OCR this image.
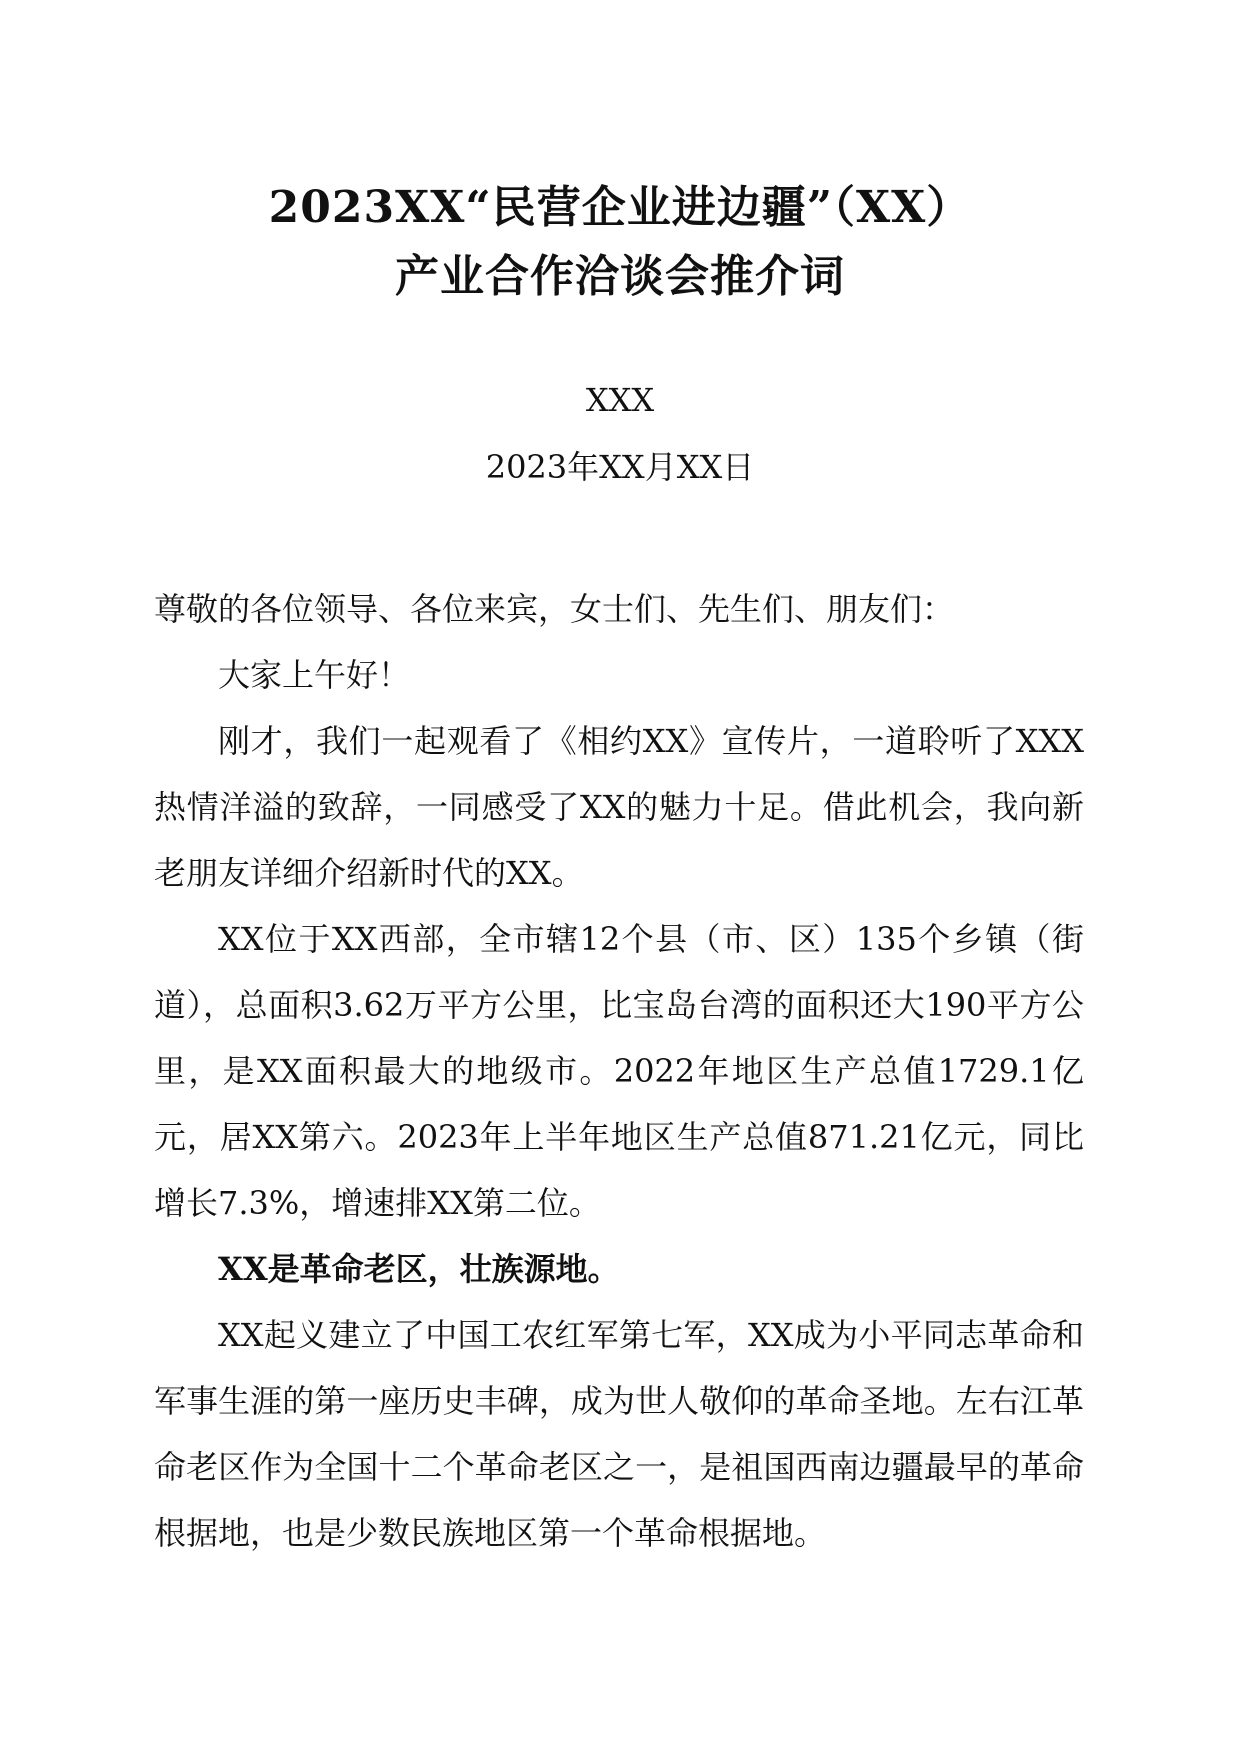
2023XX“民营企业进边疆”（XX）
产业合作洽谈会推介词
XXX
2023年XX月XX日

尊敬的各位领导、各位来宾，女士们、先生们、朋友们：

大家上午好！

刚才，我们一起观看了《相约XX》宣传片，一道聆听了XXX热情洋溢的致辞，一同感受了XX的魅力十足。借此机会，我向新老朋友详细介绍新时代的XX。

XX位于XX西部，全市辖12个县（市、区）135个乡镇（街道），总面积3.62万平方公里，比宝岛台湾的面积还大190平方公里，是XX面积最大的地级市。2022年地区生产总值1729.1亿元，居XX第六。2023年上半年地区生产总值871.21亿元，同比增长7.3%，增速排XX第二位。

XX是革命老区，壮族源地。

XX起义建立了中国工农红军第七军，XX成为小平同志革命和军事生涯的第一座历史丰碑，成为世人敬仰的革命圣地。左右江革命老区作为全国十二个革命老区之一，是祖国西南边疆最早的革命根据地，也是少数民族地区第一个革命根据地。
